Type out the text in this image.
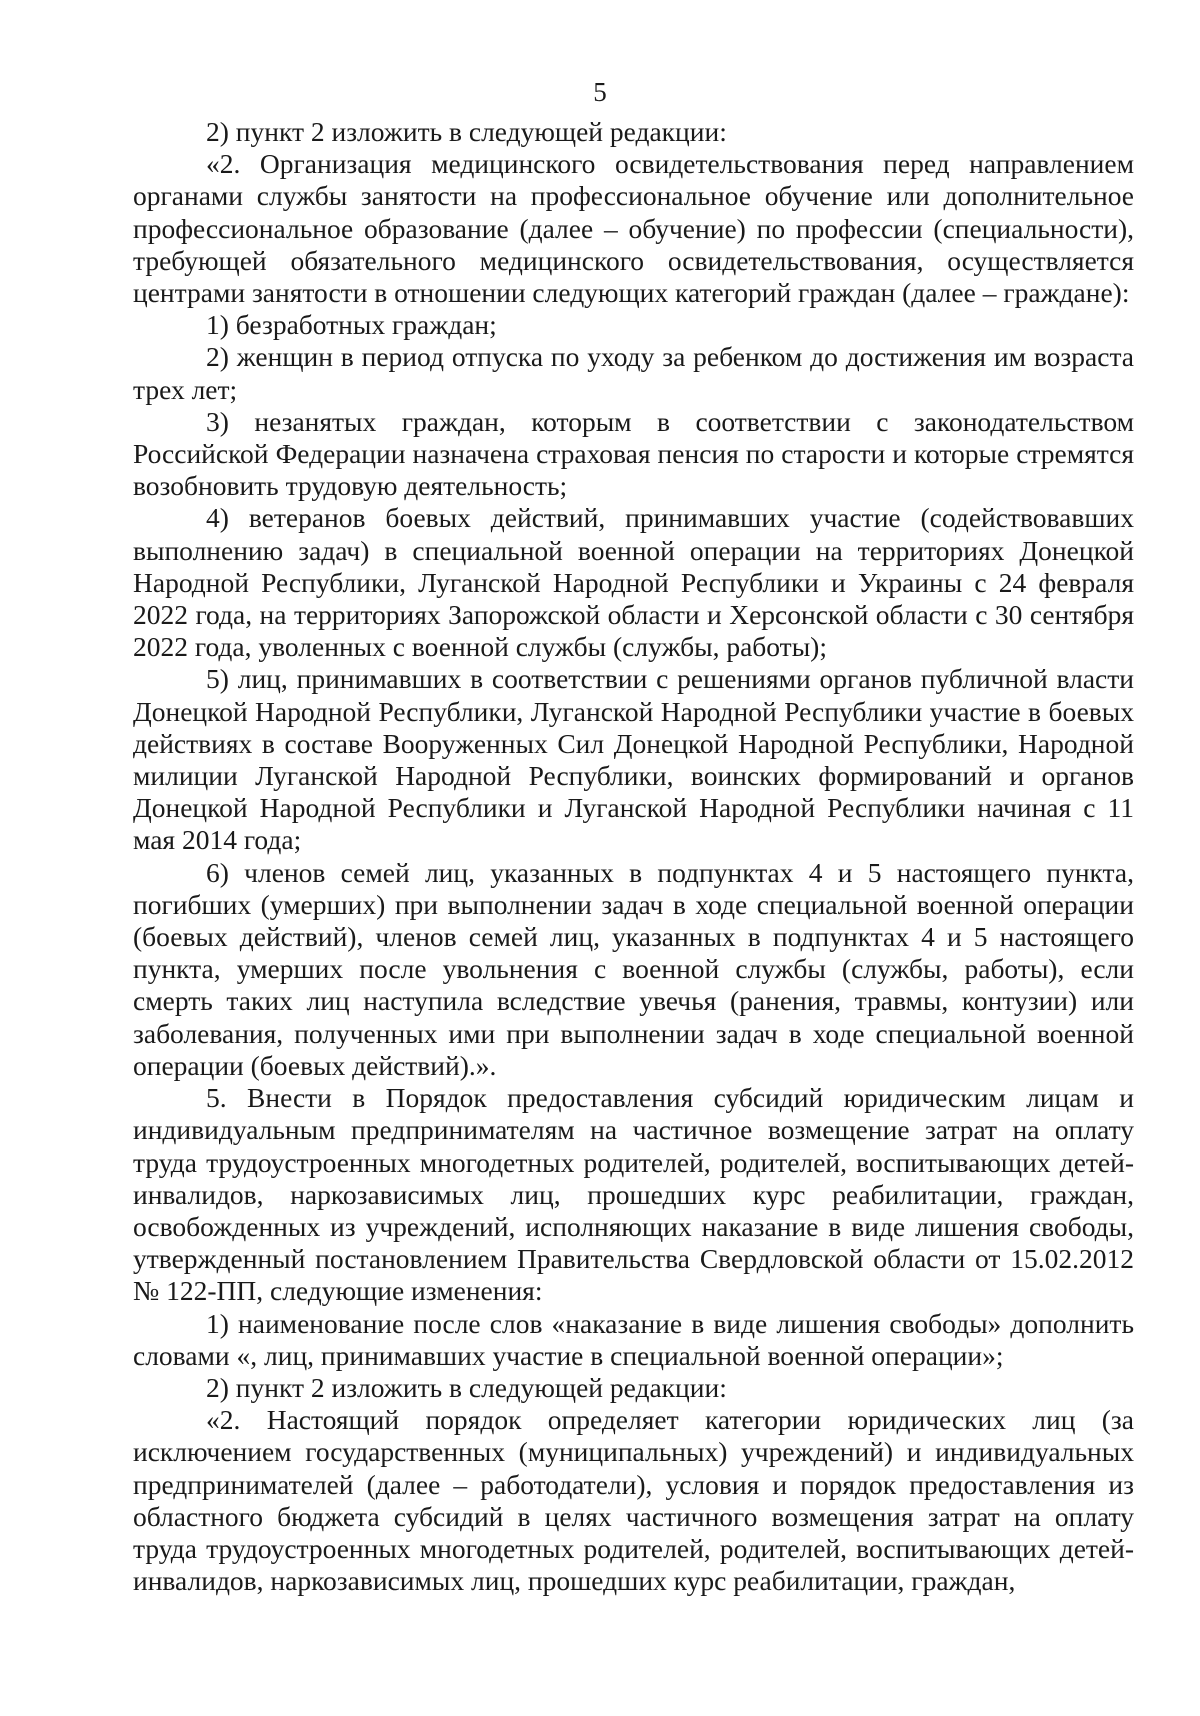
5

2) пункт 2 изложить в следующей редакции:

«2. Организация медицинского освидетельствования перед направлением органами службы занятости на профессиональное обучение или дополнительное профессиональное образование (далее – обучение) по профессии (специальности), требующей обязательного медицинского освидетельствования, осуществляется центрами занятости в отношении следующих категорий граждан (далее – граждане):

1) безработных граждан;

2) женщин в период отпуска по уходу за ребенком до достижения им возраста трех лет;

3) незанятых граждан, которым в соответствии с законодательством Российской Федерации назначена страховая пенсия по старости и которые стремятся возобновить трудовую деятельность;

4) ветеранов боевых действий, принимавших участие (содействовавших выполнению задач) в специальной военной операции на территориях Донецкой Народной Республики, Луганской Народной Республики и Украины с 24 февраля 2022 года, на территориях Запорожской области и Херсонской области с 30 сентября 2022 года, уволенных с военной службы (службы, работы);

5) лиц, принимавших в соответствии с решениями органов публичной власти Донецкой Народной Республики, Луганской Народной Республики участие в боевых действиях в составе Вооруженных Сил Донецкой Народной Республики, Народной милиции Луганской Народной Республики, воинских формирований и органов Донецкой Народной Республики и Луганской Народной Республики начиная с 11 мая 2014 года;

6) членов семей лиц, указанных в подпунктах 4 и 5 настоящего пункта, погибших (умерших) при выполнении задач в ходе специальной военной операции (боевых действий), членов семей лиц, указанных в подпунктах 4 и 5 настоящего пункта, умерших после увольнения с военной службы (службы, работы), если смерть таких лиц наступила вследствие увечья (ранения, травмы, контузии) или заболевания, полученных ими при выполнении задач в ходе специальной военной операции (боевых действий).».

5. Внести в Порядок предоставления субсидий юридическим лицам и индивидуальным предпринимателям на частичное возмещение затрат на оплату труда трудоустроенных многодетных родителей, родителей, воспитывающих детей-инвалидов, наркозависимых лиц, прошедших курс реабилитации, граждан, освобожденных из учреждений, исполняющих наказание в виде лишения свободы, утвержденный постановлением Правительства Свердловской области от 15.02.2012 № 122-ПП, следующие изменения:

1) наименование после слов «наказание в виде лишения свободы» дополнить словами «, лиц, принимавших участие в специальной военной операции»;

2) пункт 2 изложить в следующей редакции:

«2. Настоящий порядок определяет категории юридических лиц (за исключением государственных (муниципальных) учреждений) и индивидуальных предпринимателей (далее – работодатели), условия и порядок предоставления из областного бюджета субсидий в целях частичного возмещения затрат на оплату труда трудоустроенных многодетных родителей, родителей, воспитывающих детей-инвалидов, наркозависимых лиц, прошедших курс реабилитации, граждан,
